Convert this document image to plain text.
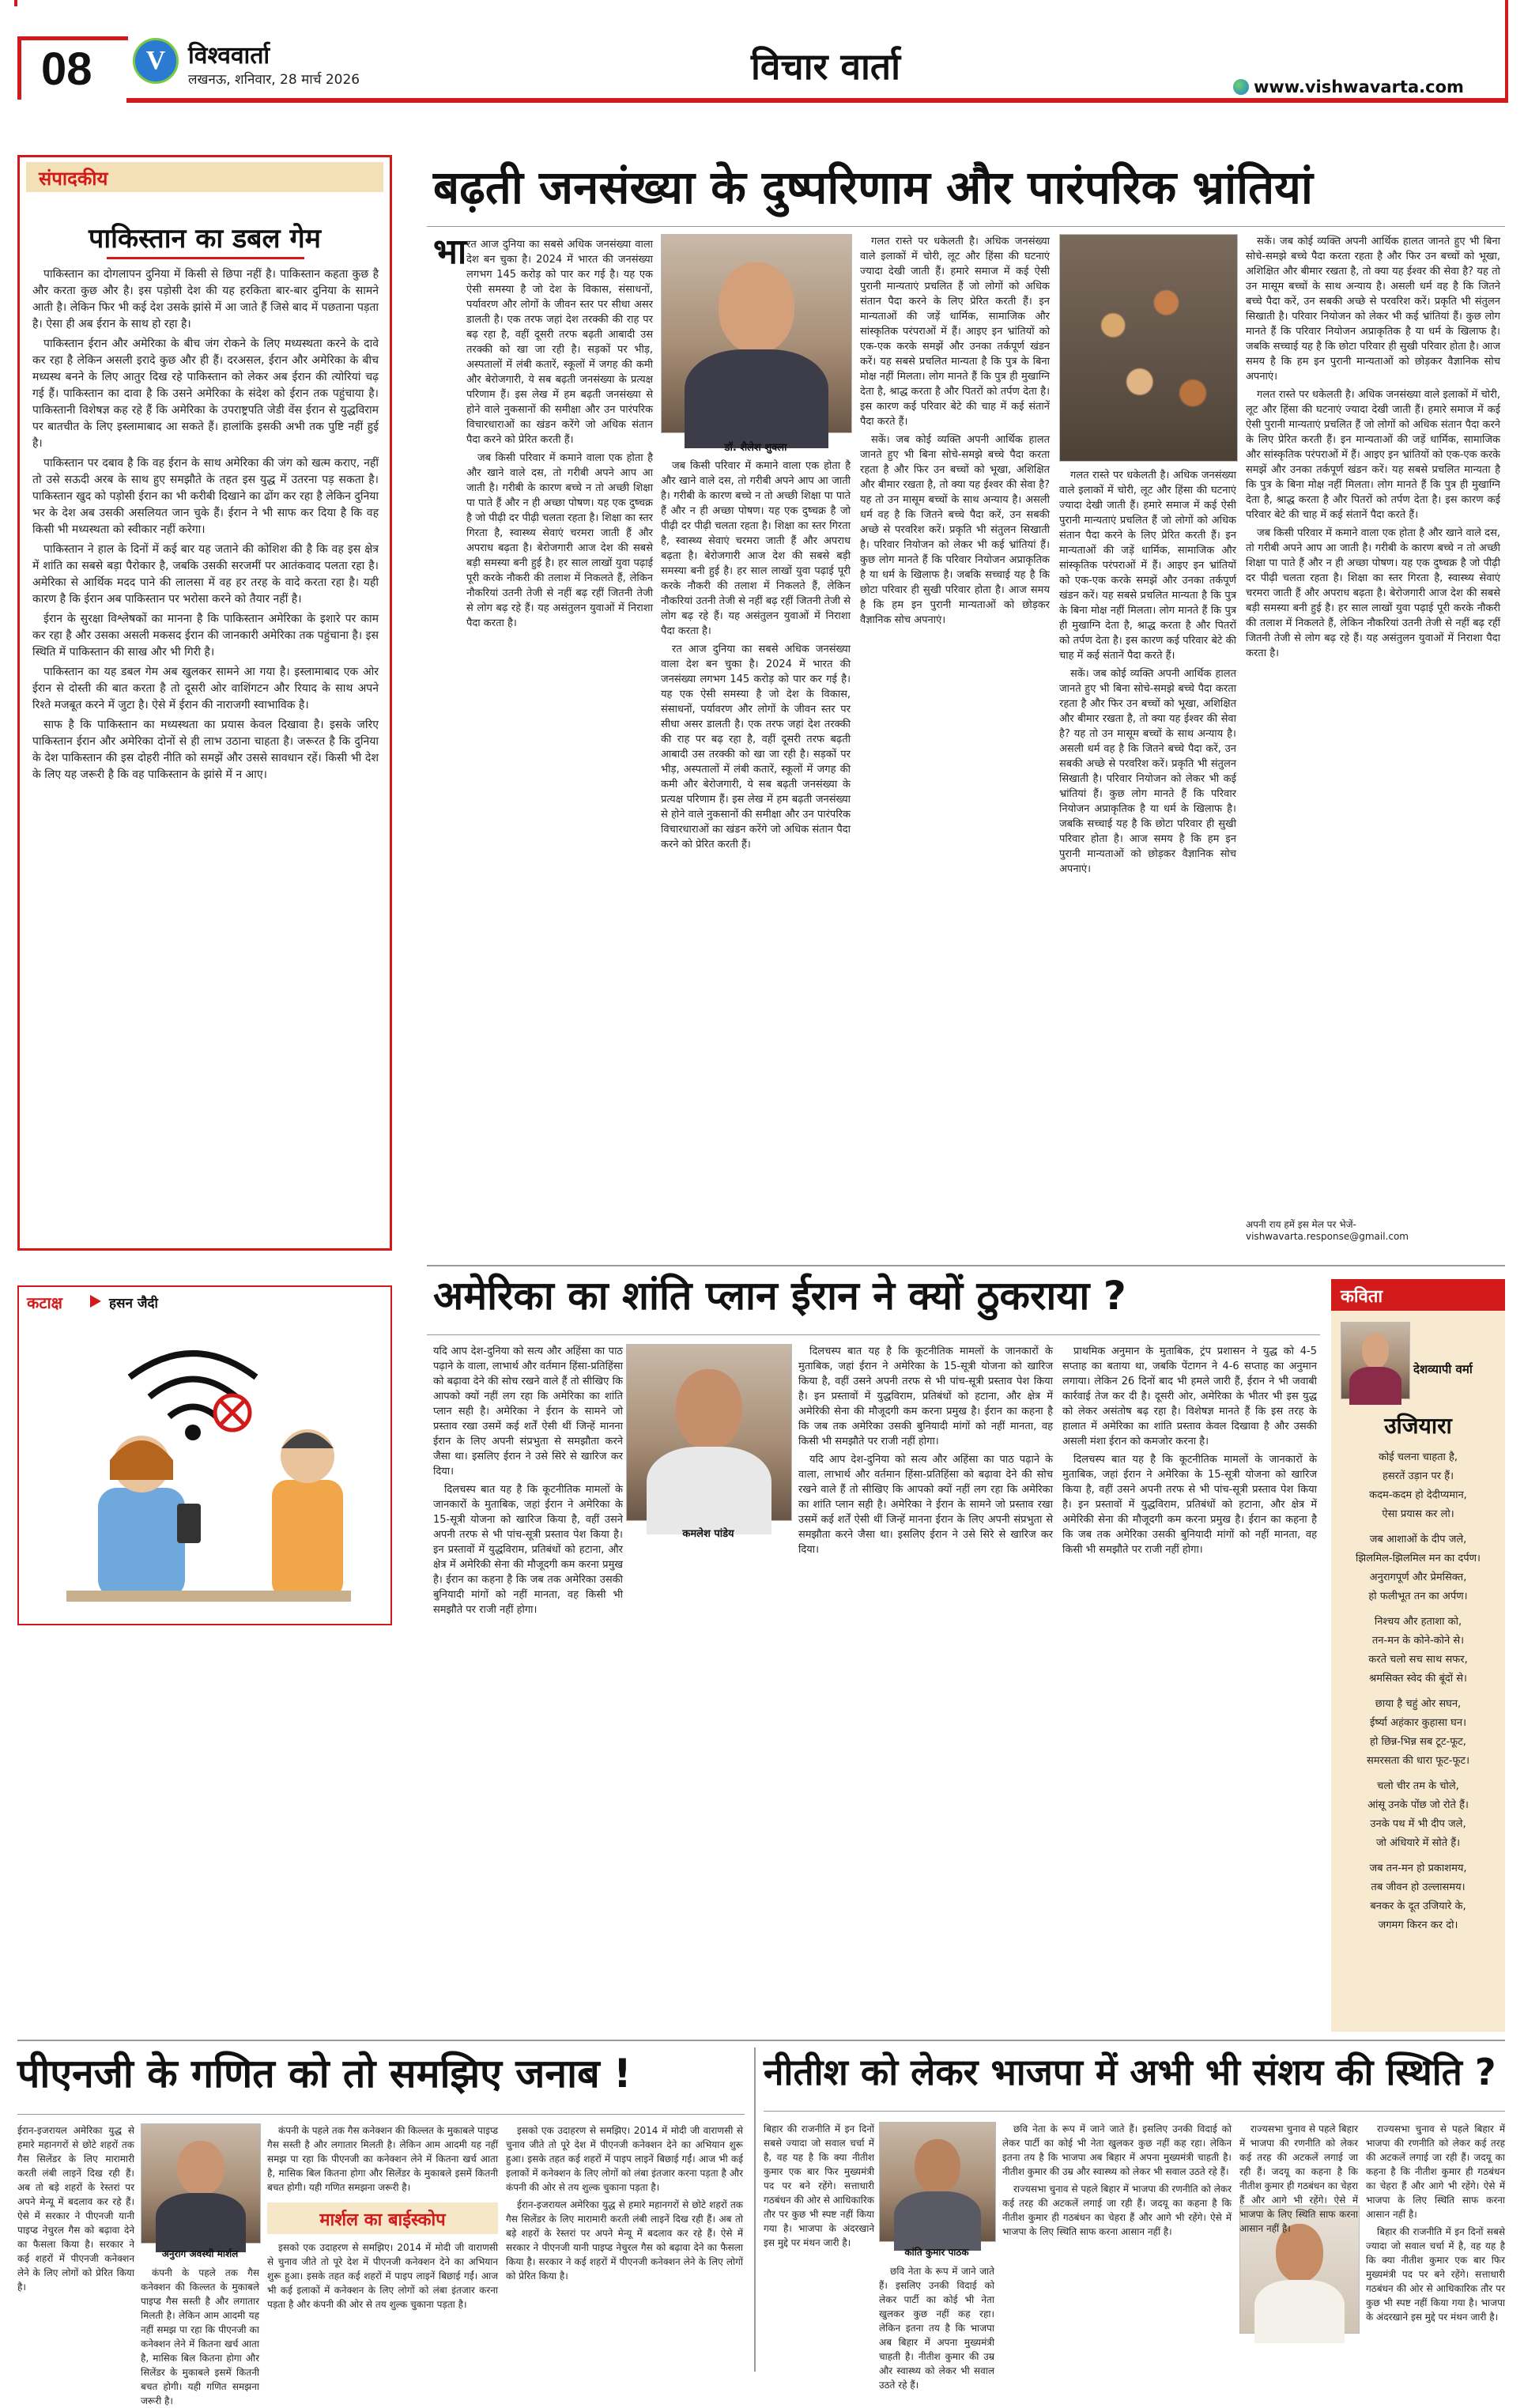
08 V विश्ववार्ता
लखनऊ, शनिवार, 28 मार्च 2026	विचार वार्ता	www.vishwavarta.com
संपादकीय
पाकिस्तान का डबल गेम

पाकिस्तान का दोगलापन दुनिया में किसी से छिपा नहीं है। पाकिस्तान कहता कुछ है और करता कुछ और है। इस पड़ोसी देश की यह हरकिता बार-बार दुनिया के सामने आती है। लेकिन फिर भी कई देश उसके झांसे में आ जाते हैं जिसे बाद में पछताना पड़ता है। ऐसा ही अब ईरान के साथ हो रहा है।

पाकिस्तान ईरान और अमेरिका के बीच जंग रोकने के लिए मध्यस्थता करने के दावे कर रहा है लेकिन असली इरादे कुछ और ही हैं। दरअसल, ईरान और अमेरिका के बीच मध्यस्थ बनने के लिए आतुर दिख रहे पाकिस्तान को लेकर अब ईरान की त्योरियां चढ़ गई हैं। पाकिस्तान का दावा है कि उसने अमेरिका के संदेश को ईरान तक पहुंचाया है। पाकिस्तानी विशेषज्ञ कह रहे हैं कि अमेरिका के उपराष्ट्रपति जेडी वेंस ईरान से युद्धविराम पर बातचीत के लिए इस्लामाबाद आ सकते हैं। हालांकि इसकी अभी तक पुष्टि नहीं हुई है।

पाकिस्तान पर दबाव है कि वह ईरान के साथ अमेरिका की जंग को खत्म कराए, नहीं तो उसे सऊदी अरब के साथ हुए समझौते के तहत इस युद्ध में उतरना पड़ सकता है। पाकिस्तान खुद को पड़ोसी ईरान का भी करीबी दिखाने का ढोंग कर रहा है लेकिन दुनिया भर के देश अब उसकी असलियत जान चुके हैं। ईरान ने भी साफ कर दिया है कि वह किसी भी मध्यस्थता को स्वीकार नहीं करेगा।

पाकिस्तान ने हाल के दिनों में कई बार यह जताने की कोशिश की है कि वह इस क्षेत्र में शांति का सबसे बड़ा पैरोकार है, जबकि उसकी सरजमीं पर आतंकवाद पलता रहा है। अमेरिका से आर्थिक मदद पाने की लालसा में वह हर तरह के वादे करता रहा है। यही कारण है कि ईरान अब पाकिस्तान पर भरोसा करने को तैयार नहीं है।

ईरान के सुरक्षा विश्लेषकों का मानना है कि पाकिस्तान अमेरिका के इशारे पर काम कर रहा है और उसका असली मकसद ईरान की जानकारी अमेरिका तक पहुंचाना है। इस स्थिति में पाकिस्तान की साख और भी गिरी है।

पाकिस्तान का यह डबल गेम अब खुलकर सामने आ गया है। इस्लामाबाद एक ओर ईरान से दोस्ती की बात करता है तो दूसरी ओर वाशिंगटन और रियाद के साथ अपने रिश्ते मजबूत करने में जुटा है। ऐसे में ईरान की नाराजगी स्वाभाविक है।

साफ है कि पाकिस्तान का मध्यस्थता का प्रयास केवल दिखावा है। इसके जरिए पाकिस्तान ईरान और अमेरिका दोनों से ही लाभ उठाना चाहता है। जरूरत है कि दुनिया के देश पाकिस्तान की इस दोहरी नीति को समझें और उससे सावधान रहें। किसी भी देश के लिए यह जरूरी है कि वह पाकिस्तान के झांसे में न आए।

कटाक्ष	हसन जैदी
बढ़ती जनसंख्या के दुष्परिणाम और पारंपरिक भ्रांतियां
भा रत आज दुनिया का सबसे अधिक जनसंख्या वाला देश बन चुका है। 2024 में भारत की जनसंख्या लगभग 145 करोड़ को पार कर गई है। यह एक ऐसी समस्या है जो देश के विकास, संसाधनों, पर्यावरण और लोगों के जीवन स्तर पर सीधा असर डालती है। एक तरफ जहां देश तरक्की की राह पर बढ़ रहा है, वहीं दूसरी तरफ बढ़ती आबादी उस तरक्की को खा जा रही है। सड़कों पर भीड़, अस्पतालों में लंबी कतारें, स्कूलों में जगह की कमी और बेरोजगारी, ये सब बढ़ती जनसंख्या के प्रत्यक्ष परिणाम हैं। इस लेख में हम बढ़ती जनसंख्या से होने वाले नुकसानों की समीक्षा और उन पारंपरिक विचारधाराओं का खंडन करेंगे जो अधिक संतान पैदा करने को प्रेरित करती हैं।

जब किसी परिवार में कमाने वाला एक होता है और खाने वाले दस, तो गरीबी अपने आप आ जाती है। गरीबी के कारण बच्चे न तो अच्छी शिक्षा पा पाते हैं और न ही अच्छा पोषण। यह एक दुष्चक्र है जो पीढ़ी दर पीढ़ी चलता रहता है। शिक्षा का स्तर गिरता है, स्वास्थ्य सेवाएं चरमरा जाती हैं और अपराध बढ़ता है। बेरोजगारी आज देश की सबसे बड़ी समस्या बनी हुई है। हर साल लाखों युवा पढ़ाई पूरी करके नौकरी की तलाश में निकलते हैं, लेकिन नौकरियां उतनी तेजी से नहीं बढ़ रहीं जितनी तेजी से लोग बढ़ रहे हैं। यह असंतुलन युवाओं में निराशा पैदा करता है।

डॉ. शैलेश शुक्ला

जब किसी परिवार में कमाने वाला एक होता है और खाने वाले दस, तो गरीबी अपने आप आ जाती है। गरीबी के कारण बच्चे न तो अच्छी शिक्षा पा पाते हैं और न ही अच्छा पोषण। यह एक दुष्चक्र है जो पीढ़ी दर पीढ़ी चलता रहता है। शिक्षा का स्तर गिरता है, स्वास्थ्य सेवाएं चरमरा जाती हैं और अपराध बढ़ता है। बेरोजगारी आज देश की सबसे बड़ी समस्या बनी हुई है। हर साल लाखों युवा पढ़ाई पूरी करके नौकरी की तलाश में निकलते हैं, लेकिन नौकरियां उतनी तेजी से नहीं बढ़ रहीं जितनी तेजी से लोग बढ़ रहे हैं। यह असंतुलन युवाओं में निराशा पैदा करता है।

रत आज दुनिया का सबसे अधिक जनसंख्या वाला देश बन चुका है। 2024 में भारत की जनसंख्या लगभग 145 करोड़ को पार कर गई है। यह एक ऐसी समस्या है जो देश के विकास, संसाधनों, पर्यावरण और लोगों के जीवन स्तर पर सीधा असर डालती है। एक तरफ जहां देश तरक्की की राह पर बढ़ रहा है, वहीं दूसरी तरफ बढ़ती आबादी उस तरक्की को खा जा रही है। सड़कों पर भीड़, अस्पतालों में लंबी कतारें, स्कूलों में जगह की कमी और बेरोजगारी, ये सब बढ़ती जनसंख्या के प्रत्यक्ष परिणाम हैं। इस लेख में हम बढ़ती जनसंख्या से होने वाले नुकसानों की समीक्षा और उन पारंपरिक विचारधाराओं का खंडन करेंगे जो अधिक संतान पैदा करने को प्रेरित करती हैं।

गलत रास्ते पर धकेलती है। अधिक जनसंख्या वाले इलाकों में चोरी, लूट और हिंसा की घटनाएं ज्यादा देखी जाती हैं। हमारे समाज में कई ऐसी पुरानी मान्यताएं प्रचलित हैं जो लोगों को अधिक संतान पैदा करने के लिए प्रेरित करती हैं। इन मान्यताओं की जड़ें धार्मिक, सामाजिक और सांस्कृतिक परंपराओं में हैं। आइए इन भ्रांतियों को एक-एक करके समझें और उनका तर्कपूर्ण खंडन करें। यह सबसे प्रचलित मान्यता है कि पुत्र के बिना मोक्ष नहीं मिलता। लोग मानते हैं कि पुत्र ही मुखाग्नि देता है, श्राद्ध करता है और पितरों को तर्पण देता है। इस कारण कई परिवार बेटे की चाह में कई संतानें पैदा करते हैं।

सकें। जब कोई व्यक्ति अपनी आर्थिक हालत जानते हुए भी बिना सोचे-समझे बच्चे पैदा करता रहता है और फिर उन बच्चों को भूखा, अशिक्षित और बीमार रखता है, तो क्या यह ईश्वर की सेवा है? यह तो उन मासूम बच्चों के साथ अन्याय है। असली धर्म वह है कि जितने बच्चे पैदा करें, उन सबकी अच्छे से परवरिश करें। प्रकृति भी संतुलन सिखाती है। परिवार नियोजन को लेकर भी कई भ्रांतियां हैं। कुछ लोग मानते हैं कि परिवार नियोजन अप्राकृतिक है या धर्म के खिलाफ है। जबकि सच्चाई यह है कि छोटा परिवार ही सुखी परिवार होता है। आज समय है कि हम इन पुरानी मान्यताओं को छोड़कर वैज्ञानिक सोच अपनाएं।

गलत रास्ते पर धकेलती है। अधिक जनसंख्या वाले इलाकों में चोरी, लूट और हिंसा की घटनाएं ज्यादा देखी जाती हैं। हमारे समाज में कई ऐसी पुरानी मान्यताएं प्रचलित हैं जो लोगों को अधिक संतान पैदा करने के लिए प्रेरित करती हैं। इन मान्यताओं की जड़ें धार्मिक, सामाजिक और सांस्कृतिक परंपराओं में हैं। आइए इन भ्रांतियों को एक-एक करके समझें और उनका तर्कपूर्ण खंडन करें। यह सबसे प्रचलित मान्यता है कि पुत्र के बिना मोक्ष नहीं मिलता। लोग मानते हैं कि पुत्र ही मुखाग्नि देता है, श्राद्ध करता है और पितरों को तर्पण देता है। इस कारण कई परिवार बेटे की चाह में कई संतानें पैदा करते हैं।

सकें। जब कोई व्यक्ति अपनी आर्थिक हालत जानते हुए भी बिना सोचे-समझे बच्चे पैदा करता रहता है और फिर उन बच्चों को भूखा, अशिक्षित और बीमार रखता है, तो क्या यह ईश्वर की सेवा है? यह तो उन मासूम बच्चों के साथ अन्याय है। असली धर्म वह है कि जितने बच्चे पैदा करें, उन सबकी अच्छे से परवरिश करें। प्रकृति भी संतुलन सिखाती है। परिवार नियोजन को लेकर भी कई भ्रांतियां हैं। कुछ लोग मानते हैं कि परिवार नियोजन अप्राकृतिक है या धर्म के खिलाफ है। जबकि सच्चाई यह है कि छोटा परिवार ही सुखी परिवार होता है। आज समय है कि हम इन पुरानी मान्यताओं को छोड़कर वैज्ञानिक सोच अपनाएं।

सकें। जब कोई व्यक्ति अपनी आर्थिक हालत जानते हुए भी बिना सोचे-समझे बच्चे पैदा करता रहता है और फिर उन बच्चों को भूखा, अशिक्षित और बीमार रखता है, तो क्या यह ईश्वर की सेवा है? यह तो उन मासूम बच्चों के साथ अन्याय है। असली धर्म वह है कि जितने बच्चे पैदा करें, उन सबकी अच्छे से परवरिश करें। प्रकृति भी संतुलन सिखाती है। परिवार नियोजन को लेकर भी कई भ्रांतियां हैं। कुछ लोग मानते हैं कि परिवार नियोजन अप्राकृतिक है या धर्म के खिलाफ है। जबकि सच्चाई यह है कि छोटा परिवार ही सुखी परिवार होता है। आज समय है कि हम इन पुरानी मान्यताओं को छोड़कर वैज्ञानिक सोच अपनाएं।

गलत रास्ते पर धकेलती है। अधिक जनसंख्या वाले इलाकों में चोरी, लूट और हिंसा की घटनाएं ज्यादा देखी जाती हैं। हमारे समाज में कई ऐसी पुरानी मान्यताएं प्रचलित हैं जो लोगों को अधिक संतान पैदा करने के लिए प्रेरित करती हैं। इन मान्यताओं की जड़ें धार्मिक, सामाजिक और सांस्कृतिक परंपराओं में हैं। आइए इन भ्रांतियों को एक-एक करके समझें और उनका तर्कपूर्ण खंडन करें। यह सबसे प्रचलित मान्यता है कि पुत्र के बिना मोक्ष नहीं मिलता। लोग मानते हैं कि पुत्र ही मुखाग्नि देता है, श्राद्ध करता है और पितरों को तर्पण देता है। इस कारण कई परिवार बेटे की चाह में कई संतानें पैदा करते हैं।

जब किसी परिवार में कमाने वाला एक होता है और खाने वाले दस, तो गरीबी अपने आप आ जाती है। गरीबी के कारण बच्चे न तो अच्छी शिक्षा पा पाते हैं और न ही अच्छा पोषण। यह एक दुष्चक्र है जो पीढ़ी दर पीढ़ी चलता रहता है। शिक्षा का स्तर गिरता है, स्वास्थ्य सेवाएं चरमरा जाती हैं और अपराध बढ़ता है। बेरोजगारी आज देश की सबसे बड़ी समस्या बनी हुई है। हर साल लाखों युवा पढ़ाई पूरी करके नौकरी की तलाश में निकलते हैं, लेकिन नौकरियां उतनी तेजी से नहीं बढ़ रहीं जितनी तेजी से लोग बढ़ रहे हैं। यह असंतुलन युवाओं में निराशा पैदा करता है।

अपनी राय हमें इस मेल पर भेजें- vishwavarta.response@gmail.com
अमेरिका का शांति प्लान ईरान ने क्यों ठुकराया ?

यदि आप देश-दुनिया को सत्य और अहिंसा का पाठ पढ़ाने के वाला, लाभार्थ और वर्तमान हिंसा-प्रतिहिंसा को बढ़ावा देने की सोच रखने वाले हैं तो सीखिए कि आपको क्यों नहीं लग रहा कि अमेरिका का शांति प्लान सही है। अमेरिका ने ईरान के सामने जो प्रस्ताव रखा उसमें कई शर्तें ऐसी थीं जिन्हें मानना ईरान के लिए अपनी संप्रभुता से समझौता करने जैसा था। इसलिए ईरान ने उसे सिरे से खारिज कर दिया।

दिलचस्प बात यह है कि कूटनीतिक मामलों के जानकारों के मुताबिक, जहां ईरान ने अमेरिका के 15-सूत्री योजना को खारिज किया है, वहीं उसने अपनी तरफ से भी पांच-सूत्री प्रस्ताव पेश किया है। इन प्रस्तावों में युद्धविराम, प्रतिबंधों को हटाना, और क्षेत्र में अमेरिकी सेना की मौजूदगी कम करना प्रमुख है। ईरान का कहना है कि जब तक अमेरिका उसकी बुनियादी मांगों को नहीं मानता, वह किसी भी समझौते पर राजी नहीं होगा।

कमलेश पांडेय

दिलचस्प बात यह है कि कूटनीतिक मामलों के जानकारों के मुताबिक, जहां ईरान ने अमेरिका के 15-सूत्री योजना को खारिज किया है, वहीं उसने अपनी तरफ से भी पांच-सूत्री प्रस्ताव पेश किया है। इन प्रस्तावों में युद्धविराम, प्रतिबंधों को हटाना, और क्षेत्र में अमेरिकी सेना की मौजूदगी कम करना प्रमुख है। ईरान का कहना है कि जब तक अमेरिका उसकी बुनियादी मांगों को नहीं मानता, वह किसी भी समझौते पर राजी नहीं होगा।

यदि आप देश-दुनिया को सत्य और अहिंसा का पाठ पढ़ाने के वाला, लाभार्थ और वर्तमान हिंसा-प्रतिहिंसा को बढ़ावा देने की सोच रखने वाले हैं तो सीखिए कि आपको क्यों नहीं लग रहा कि अमेरिका का शांति प्लान सही है। अमेरिका ने ईरान के सामने जो प्रस्ताव रखा उसमें कई शर्तें ऐसी थीं जिन्हें मानना ईरान के लिए अपनी संप्रभुता से समझौता करने जैसा था। इसलिए ईरान ने उसे सिरे से खारिज कर दिया।

प्राथमिक अनुमान के मुताबिक, ट्रंप प्रशासन ने युद्ध को 4-5 सप्ताह का बताया था, जबकि पेंटागन ने 4-6 सप्ताह का अनुमान लगाया। लेकिन 26 दिनों बाद भी हमले जारी हैं, ईरान ने भी जवाबी कार्रवाई तेज कर दी है। दूसरी ओर, अमेरिका के भीतर भी इस युद्ध को लेकर असंतोष बढ़ रहा है। विशेषज्ञ मानते हैं कि इस तरह के हालात में अमेरिका का शांति प्रस्ताव केवल दिखावा है और उसकी असली मंशा ईरान को कमजोर करना है।

दिलचस्प बात यह है कि कूटनीतिक मामलों के जानकारों के मुताबिक, जहां ईरान ने अमेरिका के 15-सूत्री योजना को खारिज किया है, वहीं उसने अपनी तरफ से भी पांच-सूत्री प्रस्ताव पेश किया है। इन प्रस्तावों में युद्धविराम, प्रतिबंधों को हटाना, और क्षेत्र में अमेरिकी सेना की मौजूदगी कम करना प्रमुख है। ईरान का कहना है कि जब तक अमेरिका उसकी बुनियादी मांगों को नहीं मानता, वह किसी भी समझौते पर राजी नहीं होगा।

कविता
देशव्यापी वर्मा
उजियारा
कोई चलना चाहता है,
हसरतें उड़ान पर हैं।
कदम-कदम हो देदीप्यमान,
ऐसा प्रयास कर लो।
जब आशाओं के दीप जले,
झिलमिल-झिलमिल मन का दर्पण।
अनुरागपूर्ण और प्रेमसिक्त,
हो फलीभूत तन का अर्पण।
निश्चय और हताशा को,
तन-मन के कोने-कोने से।
करते चलो सच साथ सफर,
श्रमसिक्त स्वेद की बूंदों से।
छाया है चहुं ओर सघन,
ईर्ष्या अहंकार कुहासा घन।
हो छिन्न-भिन्न सब टूट-फूट,
समरसता की धारा फूट-फूट।
चलो चीर तम के चोले,
आंसू उनके पोंछ जो रोते हैं।
उनके पथ में भी दीप जले,
जो अंधियारे में सोते हैं।
जब तन-मन हो प्रकाशमय,
तब जीवन हो उल्लासमय।
बनकर के दूत उजियारे के,
जगमग किरन कर दो।
पीएनजी के गणित को तो समझिए जनाब !

ईरान-इजरायल अमेरिका युद्ध से हमारे महानगरों से छोटे शहरों तक गैस सिलेंडर के लिए मारामारी करती लंबी लाइनें दिख रही हैं। अब तो बड़े शहरों के रेस्तरां पर अपने मेन्यू में बदलाव कर रहे हैं। ऐसे में सरकार ने पीएनजी यानी पाइप्ड नेचुरल गैस को बढ़ावा देने का फैसला किया है। सरकार ने कई शहरों में पीएनजी कनेक्शन लेने के लिए लोगों को प्रेरित किया है।

अनुराग अवस्थी मार्शल

कंपनी के पहले तक गैस कनेक्शन की किल्लत के मुकाबले पाइप्ड गैस सस्ती है और लगातार मिलती है। लेकिन आम आदमी यह नहीं समझ पा रहा कि पीएनजी का कनेक्शन लेने में कितना खर्च आता है, मासिक बिल कितना होगा और सिलेंडर के मुकाबले इसमें कितनी बचत होगी। यही गणित समझना जरूरी है।

कंपनी के पहले तक गैस कनेक्शन की किल्लत के मुकाबले पाइप्ड गैस सस्ती है और लगातार मिलती है। लेकिन आम आदमी यह नहीं समझ पा रहा कि पीएनजी का कनेक्शन लेने में कितना खर्च आता है, मासिक बिल कितना होगा और सिलेंडर के मुकाबले इसमें कितनी बचत होगी। यही गणित समझना जरूरी है।

मार्शल का बाईस्कोप

इसको एक उदाहरण से समझिए। 2014 में मोदी जी वाराणसी से चुनाव जीते तो पूरे देश में पीएनजी कनेक्शन देने का अभियान शुरू हुआ। इसके तहत कई शहरों में पाइप लाइनें बिछाई गईं। आज भी कई इलाकों में कनेक्शन के लिए लोगों को लंबा इंतजार करना पड़ता है और कंपनी की ओर से तय शुल्क चुकाना पड़ता है।

इसको एक उदाहरण से समझिए। 2014 में मोदी जी वाराणसी से चुनाव जीते तो पूरे देश में पीएनजी कनेक्शन देने का अभियान शुरू हुआ। इसके तहत कई शहरों में पाइप लाइनें बिछाई गईं। आज भी कई इलाकों में कनेक्शन के लिए लोगों को लंबा इंतजार करना पड़ता है और कंपनी की ओर से तय शुल्क चुकाना पड़ता है।

ईरान-इजरायल अमेरिका युद्ध से हमारे महानगरों से छोटे शहरों तक गैस सिलेंडर के लिए मारामारी करती लंबी लाइनें दिख रही हैं। अब तो बड़े शहरों के रेस्तरां पर अपने मेन्यू में बदलाव कर रहे हैं। ऐसे में सरकार ने पीएनजी यानी पाइप्ड नेचुरल गैस को बढ़ावा देने का फैसला किया है। सरकार ने कई शहरों में पीएनजी कनेक्शन लेने के लिए लोगों को प्रेरित किया है।

नीतीश को लेकर भाजपा में अभी भी संशय की स्थिति ?

बिहार की राजनीति में इन दिनों सबसे ज्यादा जो सवाल चर्चा में है, वह यह है कि क्या नीतीश कुमार एक बार फिर मुख्यमंत्री पद पर बने रहेंगे। सत्ताधारी गठबंधन की ओर से आधिकारिक तौर पर कुछ भी स्पष्ट नहीं किया गया है। भाजपा के अंदरखाने इस मुद्दे पर मंथन जारी है।

कांति कुमार पाठक

छवि नेता के रूप में जाने जाते हैं। इसलिए उनकी विदाई को लेकर पार्टी का कोई भी नेता खुलकर कुछ नहीं कह रहा। लेकिन इतना तय है कि भाजपा अब बिहार में अपना मुख्यमंत्री चाहती है। नीतीश कुमार की उम्र और स्वास्थ्य को लेकर भी सवाल उठते रहे हैं।

छवि नेता के रूप में जाने जाते हैं। इसलिए उनकी विदाई को लेकर पार्टी का कोई भी नेता खुलकर कुछ नहीं कह रहा। लेकिन इतना तय है कि भाजपा अब बिहार में अपना मुख्यमंत्री चाहती है। नीतीश कुमार की उम्र और स्वास्थ्य को लेकर भी सवाल उठते रहे हैं।

राज्यसभा चुनाव से पहले बिहार में भाजपा की रणनीति को लेकर कई तरह की अटकलें लगाई जा रही हैं। जदयू का कहना है कि नीतीश कुमार ही गठबंधन का चेहरा हैं और आगे भी रहेंगे। ऐसे में भाजपा के लिए स्थिति साफ करना आसान नहीं है।

राज्यसभा चुनाव से पहले बिहार में भाजपा की रणनीति को लेकर कई तरह की अटकलें लगाई जा रही हैं। जदयू का कहना है कि नीतीश कुमार ही गठबंधन का चेहरा हैं और आगे भी रहेंगे। ऐसे में भाजपा के लिए स्थिति साफ करना आसान नहीं है।

राज्यसभा चुनाव से पहले बिहार में भाजपा की रणनीति को लेकर कई तरह की अटकलें लगाई जा रही हैं। जदयू का कहना है कि नीतीश कुमार ही गठबंधन का चेहरा हैं और आगे भी रहेंगे। ऐसे में भाजपा के लिए स्थिति साफ करना आसान नहीं है।

बिहार की राजनीति में इन दिनों सबसे ज्यादा जो सवाल चर्चा में है, वह यह है कि क्या नीतीश कुमार एक बार फिर मुख्यमंत्री पद पर बने रहेंगे। सत्ताधारी गठबंधन की ओर से आधिकारिक तौर पर कुछ भी स्पष्ट नहीं किया गया है। भाजपा के अंदरखाने इस मुद्दे पर मंथन जारी है।
